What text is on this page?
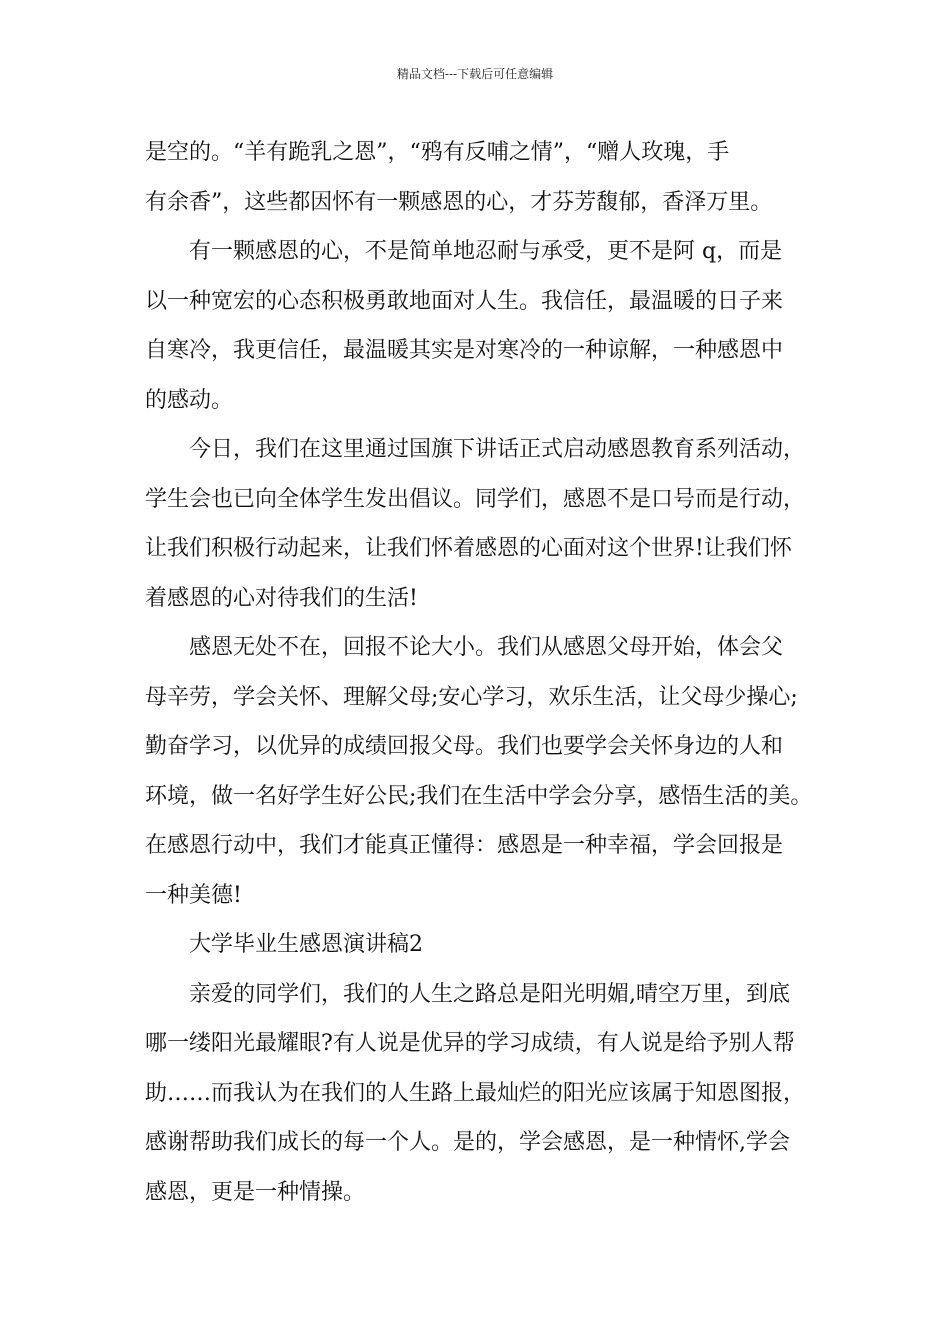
精品文档---下载后可任意编辑
是空的。“羊有跪乳之恩”，“鸦有反哺之情”，“赠人玫瑰，手
有余香”，这些都因怀有一颗感恩的心，才芬芳馥郁，香泽万里。
有一颗感恩的心，不是简单地忍耐与承受，更不是阿 q，而是
以一种宽宏的心态积极勇敢地面对人生。我信任，最温暖的日子来
自寒冷，我更信任，最温暖其实是对寒冷的一种谅解，一种感恩中
的感动。
今日，我们在这里通过国旗下讲话正式启动感恩教育系列活动，
学生会也已向全体学生发出倡议。同学们，感恩不是口号而是行动，
让我们积极行动起来，让我们怀着感恩的心面对这个世界!让我们怀
着感恩的心对待我们的生活!
感恩无处不在，回报不论大小。我们从感恩父母开始，体会父
母辛劳，学会关怀、理解父母;安心学习，欢乐生活，让父母少操心;
勤奋学习，以优异的成绩回报父母。我们也要学会关怀身边的人和
环境，做一名好学生好公民;我们在生活中学会分享，感悟生活的美。
在感恩行动中，我们才能真正懂得：感恩是一种幸福，学会回报是
一种美德!
大学毕业生感恩演讲稿2
亲爱的同学们，我们的人生之路总是阳光明媚,晴空万里，到底
哪一缕阳光最耀眼?有人说是优异的学习成绩，有人说是给予别人帮
助……而我认为在我们的人生路上最灿烂的阳光应该属于知恩图报，
感谢帮助我们成长的每一个人。是的，学会感恩，是一种情怀,学会
感恩，更是一种情操。
